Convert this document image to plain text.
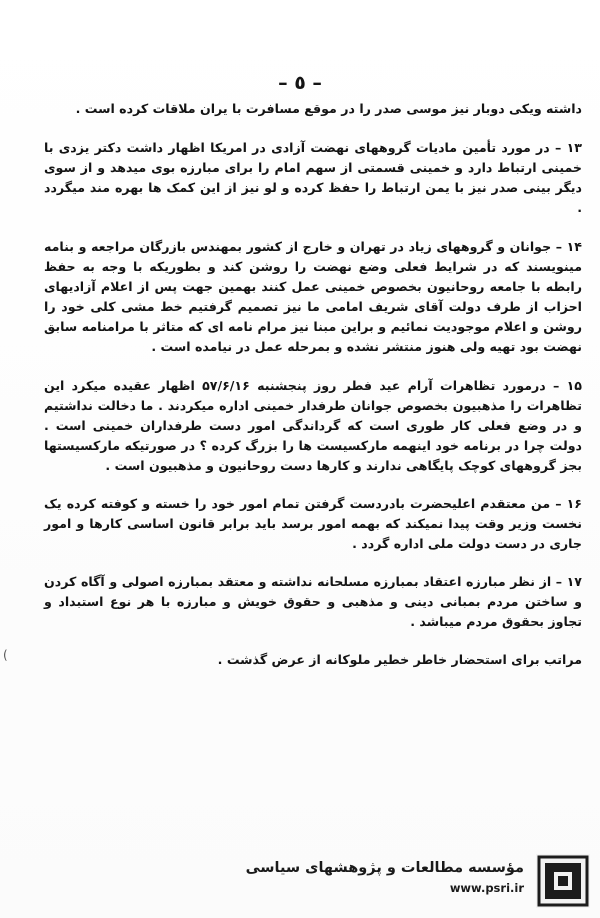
– ٥ –

داشته ویکی دوبار نیز موسی صدر را در موقع مسافرت با یران ملاقات کرده است .

۱۳ – در مورد تأمین مادیات گروههای نهضت آزادی در امریکا اظهار داشت دکتر یزدی با خمینی ارتباط دارد و خمینی قسمتی از سهم امام را برای مبارزه بوی میدهد و از سوی دیگر بینی صدر نیز با یمن ارتباط را حفظ کرده و لو نیز از این کمک ها بهره مند میگردد .

۱۴ – جوانان و گروههای زیاد در تهران و خارج از کشور بمهندس بازرگان مراجعه و بنامه مینویسند که در شرایط فعلی وضع نهضت را روشن کند و بطوریکه با وجه به حفظ رابطه با جامعه روحانیون بخصوص خمینی عمل کنند بهمین جهت پس از اعلام آزادیهای احزاب از طرف دولت آقای شریف امامی ما نیز تصمیم گرفتیم خط مشی کلی خود را روشن و اعلام موجودیت نمائیم و براین مبنا نیز مرام نامه ای که متاثر با مرامنامه سابق نهضت بود تهیه ولی هنوز منتشر نشده و بمرحله عمل در نیامده است .

۱۵ – درمورد تظاهرات آرام عید فطر روز پنجشنبه ۵۷/۶/۱۶ اظهار عقیده میکرد این تظاهرات را مذهبیون بخصوص جوانان طرفدار خمینی اداره میکردند . ما دخالت نداشتیم و در وضع فعلی کار طوری است که گرداندگی امور دست طرفداران خمینی است . دولت چرا در برنامه خود اینهمه مارکسیست ها را بزرگ کرده ؟ در صورتیکه مارکسیستها بجز گروههای کوچک پایگاهی ندارند و کارها دست روحانیون و مذهبیون است .

۱۶ – من معتقدم اعلیحضرت بادردست گرفتن تمام امور خود را خسته و کوفته کرده یک نخست وزیر وقت پیدا نمیکند که بهمه امور برسد باید برابر قانون اساسی کارها و امور جاری در دست دولت ملی اداره گردد .

۱۷ – از نظر مبارزه اعتقاد بمبارزه مسلحانه نداشته و معتقد بمبارزه اصولی و آگاه کردن و ساختن مردم بمبانی دینی و مذهبی و حقوق خویش و مبارزه با هر نوع استبداد و تجاوز بحقوق مردم میباشد .

مراتب برای استحضار خاطر خطیر ملوکانه از عرض گذشت .

(
مؤسسه مطالعات و پژوهشهای سیاسی
www.psri.ir
